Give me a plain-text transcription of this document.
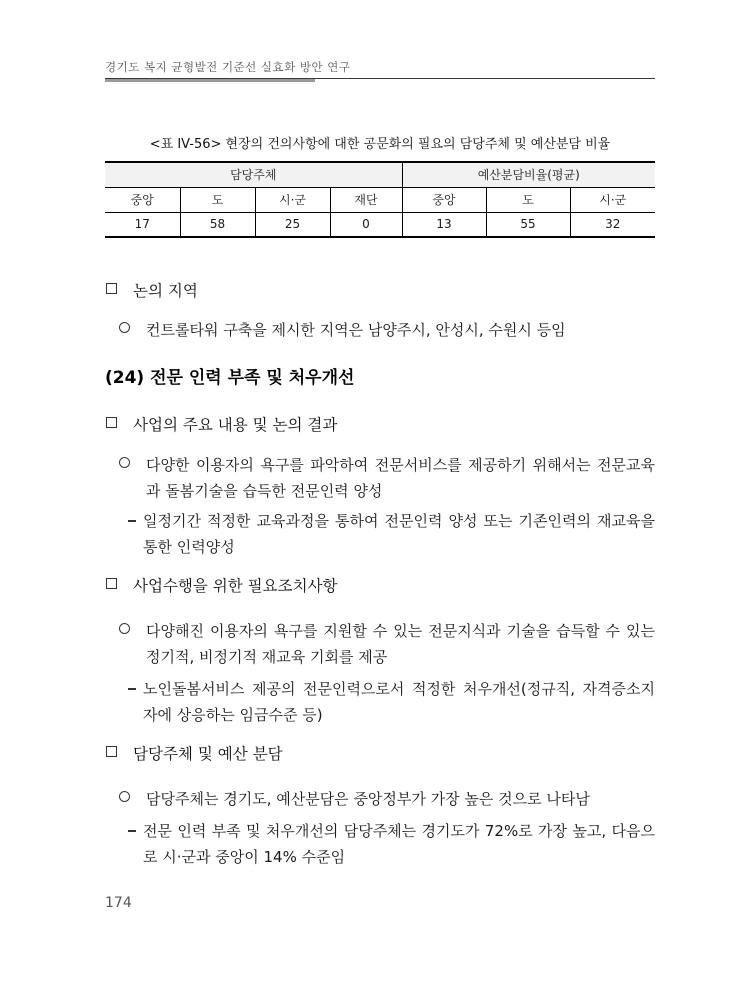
경기도 복지 균형발전 기준선 실효화 방안 연구
<표 IV-56> 현장의 건의사항에 대한 공문화의 필요의 담당주체 및 예산분담 비율
담당주체				예산분담비율(평균)		
중앙	도	시·군	재단	중앙	도	시·군
17	58	25	0	13	55	32
논의 지역
컨트롤타워 구축을 제시한 지역은 남양주시, 안성시, 수원시 등임
(24) 전문 인력 부족 및 처우개선
사업의 주요 내용 및 논의 결과
다양한 이용자의 욕구를 파악하여 전문서비스를 제공하기 위해서는 전문교육과 돌봄기술을 습득한 전문인력 양성
일정기간 적정한 교육과정을 통하여 전문인력 양성 또는 기존인력의 재교육을 통한 인력양성
사업수행을 위한 필요조치사항
다양해진 이용자의 욕구를 지원할 수 있는 전문지식과 기술을 습득할 수 있는 정기적, 비정기적 재교육 기회를 제공
노인돌봄서비스 제공의 전문인력으로서 적정한 처우개선(정규직, 자격증소지자에 상응하는 임금수준 등)
담당주체 및 예산 분담
담당주체는 경기도, 예산분담은 중앙정부가 가장 높은 것으로 나타남
전문 인력 부족 및 처우개선의 담당주체는 경기도가 72%로 가장 높고, 다음으로 시·군과 중앙이 14% 수준임
174
